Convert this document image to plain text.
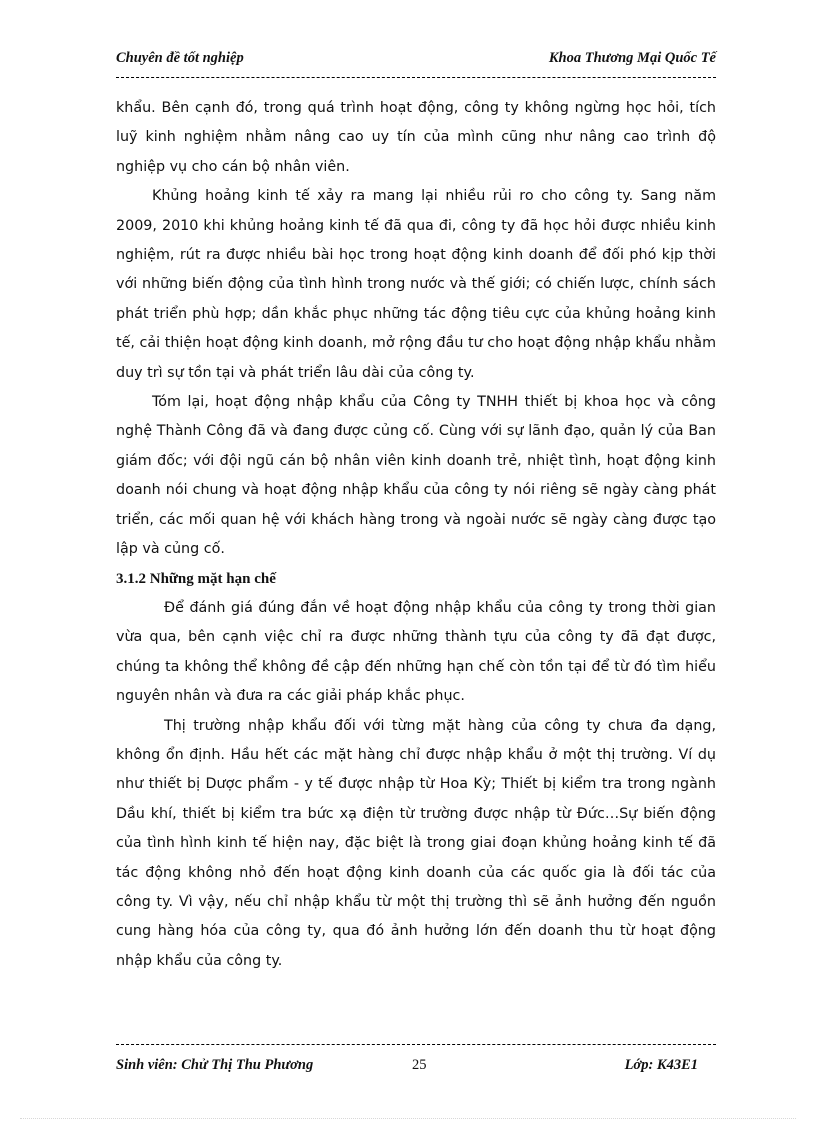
Chuyên đề tốt nghiệp	Khoa Thương Mại Quốc Tế

khẩu. Bên cạnh đó, trong quá trình hoạt động, công ty không ngừng học hỏi, tích luỹ kinh nghiệm nhằm nâng cao uy tín của mình cũng như nâng cao trình độ nghiệp vụ cho cán bộ nhân viên.

Khủng hoảng kinh tế xảy ra mang lại nhiều rủi ro cho công ty. Sang năm 2009, 2010 khi khủng hoảng kinh tế đã qua đi, công ty đã học hỏi được nhiều kinh nghiệm, rút ra được nhiều bài học trong hoạt động kinh doanh để đối phó kịp thời với những biến động của tình hình trong nước và thế giới; có chiến lược, chính sách phát triển phù hợp; dần khắc phục những tác động tiêu cực của khủng hoảng kinh tế, cải thiện hoạt động kinh doanh, mở rộng đầu tư cho hoạt động nhập khẩu nhằm duy trì sự tồn tại và phát triển lâu dài của công ty.

Tóm lại, hoạt động nhập khẩu của Công ty TNHH thiết bị khoa học và công nghệ Thành Công đã và đang được củng cố. Cùng với sự lãnh đạo, quản lý của Ban giám đốc; với đội ngũ cán bộ nhân viên kinh doanh trẻ, nhiệt tình, hoạt động kinh doanh nói chung và hoạt động nhập khẩu của công ty nói riêng sẽ ngày càng phát triển, các mối quan hệ với khách hàng trong và ngoài nước sẽ ngày càng được tạo lập và củng cố.

3.1.2 Những mặt hạn chế

Để đánh giá đúng đắn về hoạt động nhập khẩu của công ty trong thời gian vừa qua, bên cạnh việc chỉ ra được những thành tựu của công ty đã đạt được, chúng ta không thể không đề cập đến những hạn chế còn tồn tại để từ đó tìm hiểu nguyên nhân và đưa ra các giải pháp khắc phục.

Thị trường nhập khẩu đối với từng mặt hàng của công ty chưa đa dạng, không ổn định. Hầu hết các mặt hàng chỉ được nhập khẩu ở một thị trường. Ví dụ như thiết bị Dược phẩm - y tế được nhập từ Hoa Kỳ; Thiết bị kiểm tra trong ngành Dầu khí, thiết bị kiểm tra bức xạ điện từ trường được nhập từ Đức…Sự biến động của tình hình kinh tế hiện nay, đặc biệt là trong giai đoạn khủng hoảng kinh tế đã tác động không nhỏ đến hoạt động kinh doanh của các quốc gia là đối tác của công ty. Vì vậy, nếu chỉ nhập khẩu từ một thị trường thì sẽ ảnh hưởng đến nguồn cung hàng hóa của công ty, qua đó ảnh hưởng lớn đến doanh thu từ hoạt động nhập khẩu của công ty.

Sinh viên: Chử Thị Thu Phương	25	Lớp: K43E1
